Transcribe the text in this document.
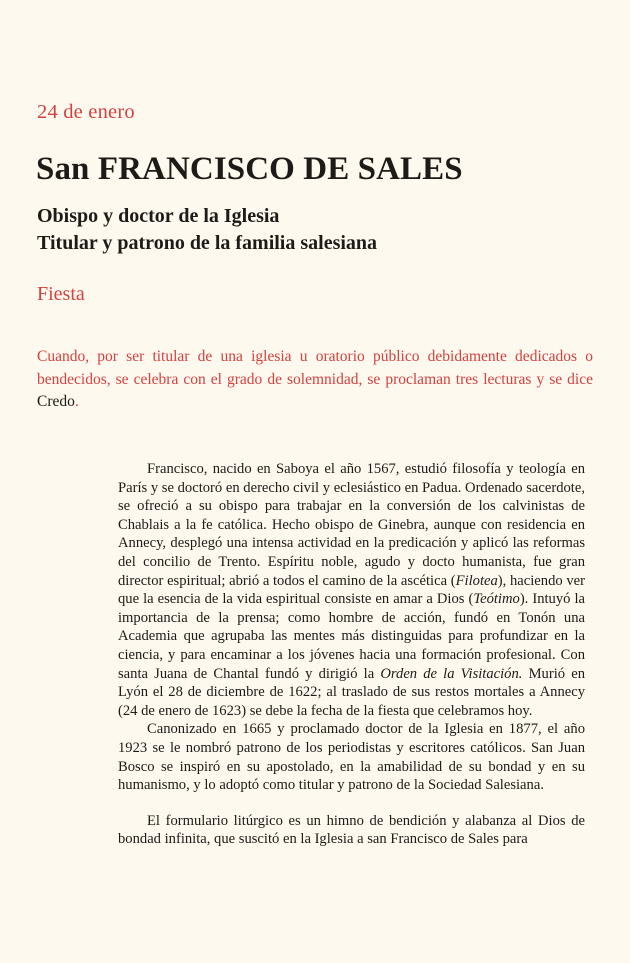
24 de enero
San FRANCISCO DE SALES
Obispo y doctor de la Iglesia
Titular y patrono de la familia salesiana
Fiesta

Cuando, por ser titular de una iglesia u oratorio público debidamente dedicados o bendecidos, se celebra con el grado de solemnidad, se proclaman tres lecturas y se dice Credo.

Francisco, nacido en Saboya el año 1567, estudió filosofía y teología en París y se doctoró en derecho civil y eclesiástico en Padua. Ordenado sacerdote, se ofreció a su obispo para trabajar en la conversión de los calvinistas de Chablais a la fe católica. Hecho obispo de Ginebra, aunque con residencia en Annecy, desplegó una intensa actividad en la predicación y aplicó las reformas del concilio de Trento. Espíritu noble, agudo y docto humanista, fue gran director espiritual; abrió a todos el camino de la ascética (Filotea), haciendo ver que la esencia de la vida espiritual consiste en amar a Dios (Teótimo). Intuyó la importancia de la prensa; como hombre de acción, fundó en Tonón una Academia que agrupaba las mentes más distinguidas para profundizar en la ciencia, y para encaminar a los jóvenes hacia una formación profesional. Con santa Juana de Chantal fundó y dirigió la Orden de la Visitación. Murió en Lyón el 28 de diciembre de 1622; al traslado de sus restos mortales a Annecy (24 de enero de 1623) se debe la fecha de la fiesta que celebramos hoy.

Canonizado en 1665 y proclamado doctor de la Iglesia en 1877, el año 1923 se le nombró patrono de los periodistas y escritores católicos. San Juan Bosco se inspiró en su apostolado, en la amabilidad de su bondad y en su humanismo, y lo adoptó como titular y patrono de la Sociedad Salesiana.

El formulario litúrgico es un himno de bendición y alabanza al Dios de bondad infinita, que suscitó en la Iglesia a san Francisco de Sales para
